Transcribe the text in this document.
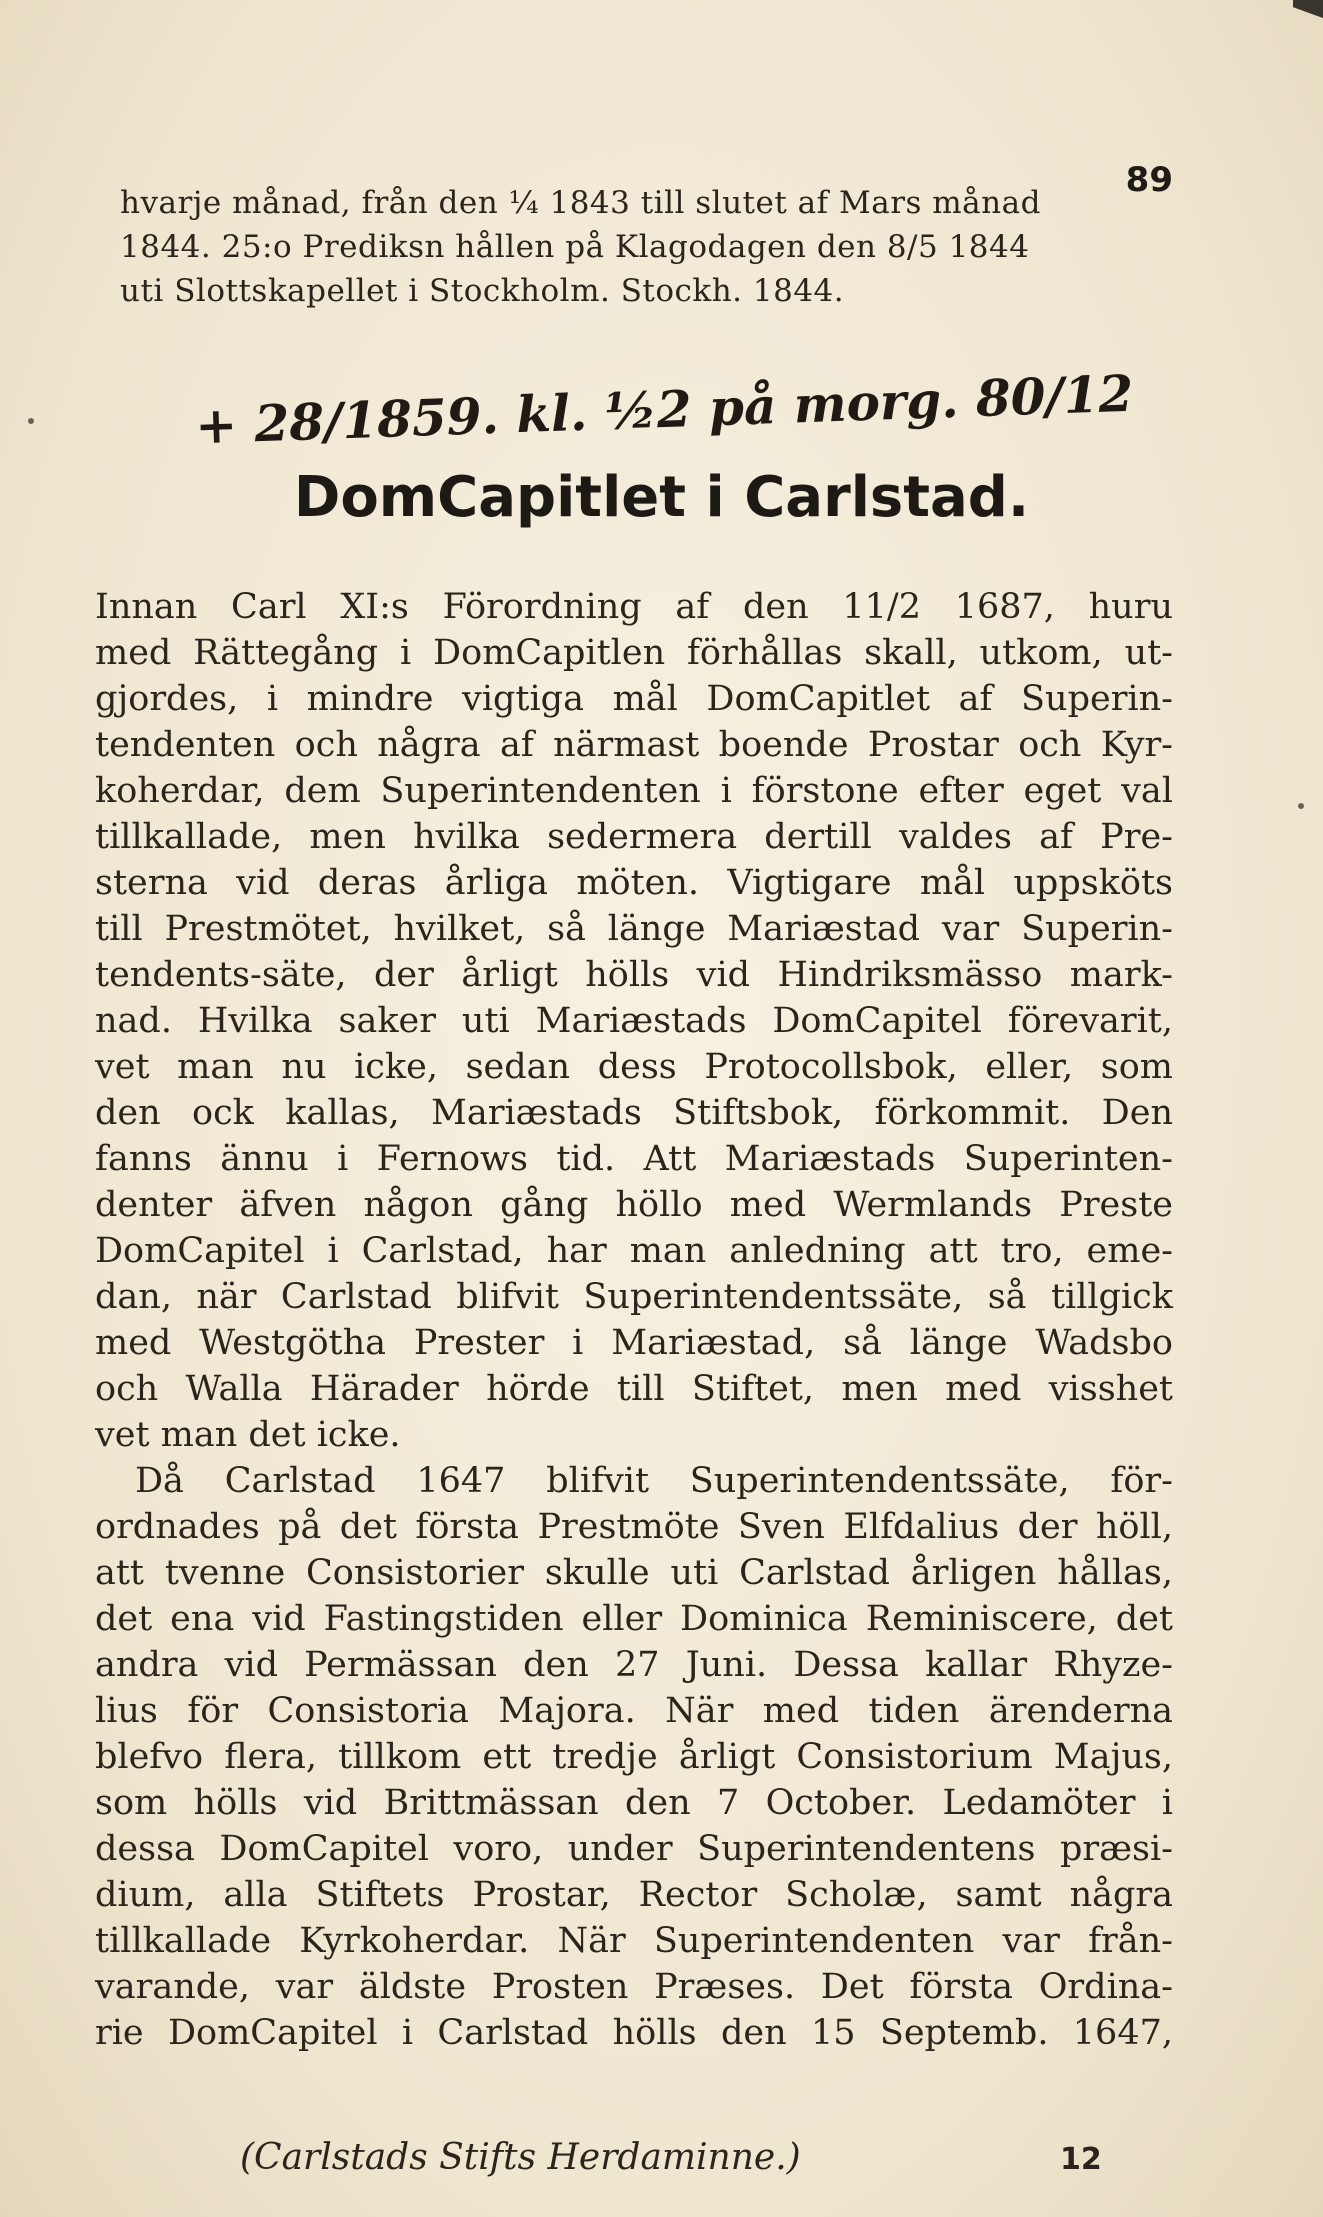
89
hvarje månad, från den ¼ 1843 till slutet af Mars månad
1844. 25:o Prediksn hållen på Klagodagen den 8/5 1844
uti Slottskapellet i Stockholm. Stockh. 1844.
+ 28/1859. kl. ½2 på morg. 80/12
DomCapitlet i Carlstad.
Innan Carl XI:s Förordning af den 11/2 1687, huru
med Rättegång i DomCapitlen förhållas skall, utkom, ut-
gjordes, i mindre vigtiga mål DomCapitlet af Superin-
tendenten och några af närmast boende Prostar och Kyr-
koherdar, dem Superintendenten i förstone efter eget val
tillkallade, men hvilka sedermera dertill valdes af Pre-
sterna vid deras årliga möten. Vigtigare mål uppsköts
till Prestmötet, hvilket, så länge Mariæstad var Superin-
tendents-säte, der årligt hölls vid Hindriksmässo mark-
nad. Hvilka saker uti Mariæstads DomCapitel förevarit,
vet man nu icke, sedan dess Protocollsbok, eller, som
den ock kallas, Mariæstads Stiftsbok, förkommit. Den
fanns ännu i Fernows tid. Att Mariæstads Superinten-
denter äfven någon gång höllo med Wermlands Preste
DomCapitel i Carlstad, har man anledning att tro, eme-
dan, när Carlstad blifvit Superintendentssäte, så tillgick
med Westgötha Prester i Mariæstad, så länge Wadsbo
och Walla Härader hörde till Stiftet, men med visshet
vet man det icke.
Då Carlstad 1647 blifvit Superintendentssäte, för-
ordnades på det första Prestmöte Sven Elfdalius der höll,
att tvenne Consistorier skulle uti Carlstad årligen hållas,
det ena vid Fastingstiden eller Dominica Reminiscere, det
andra vid Permässan den 27 Juni. Dessa kallar Rhyze-
lius för Consistoria Majora. När med tiden ärenderna
blefvo flera, tillkom ett tredje årligt Consistorium Majus,
som hölls vid Brittmässan den 7 October. Ledamöter i
dessa DomCapitel voro, under Superintendentens præsi-
dium, alla Stiftets Prostar, Rector Scholæ, samt några
tillkallade Kyrkoherdar. När Superintendenten var från-
varande, var äldste Prosten Præses. Det första Ordina-
rie DomCapitel i Carlstad hölls den 15 Septemb. 1647,
(Carlstads Stifts Herdaminne.)	12
